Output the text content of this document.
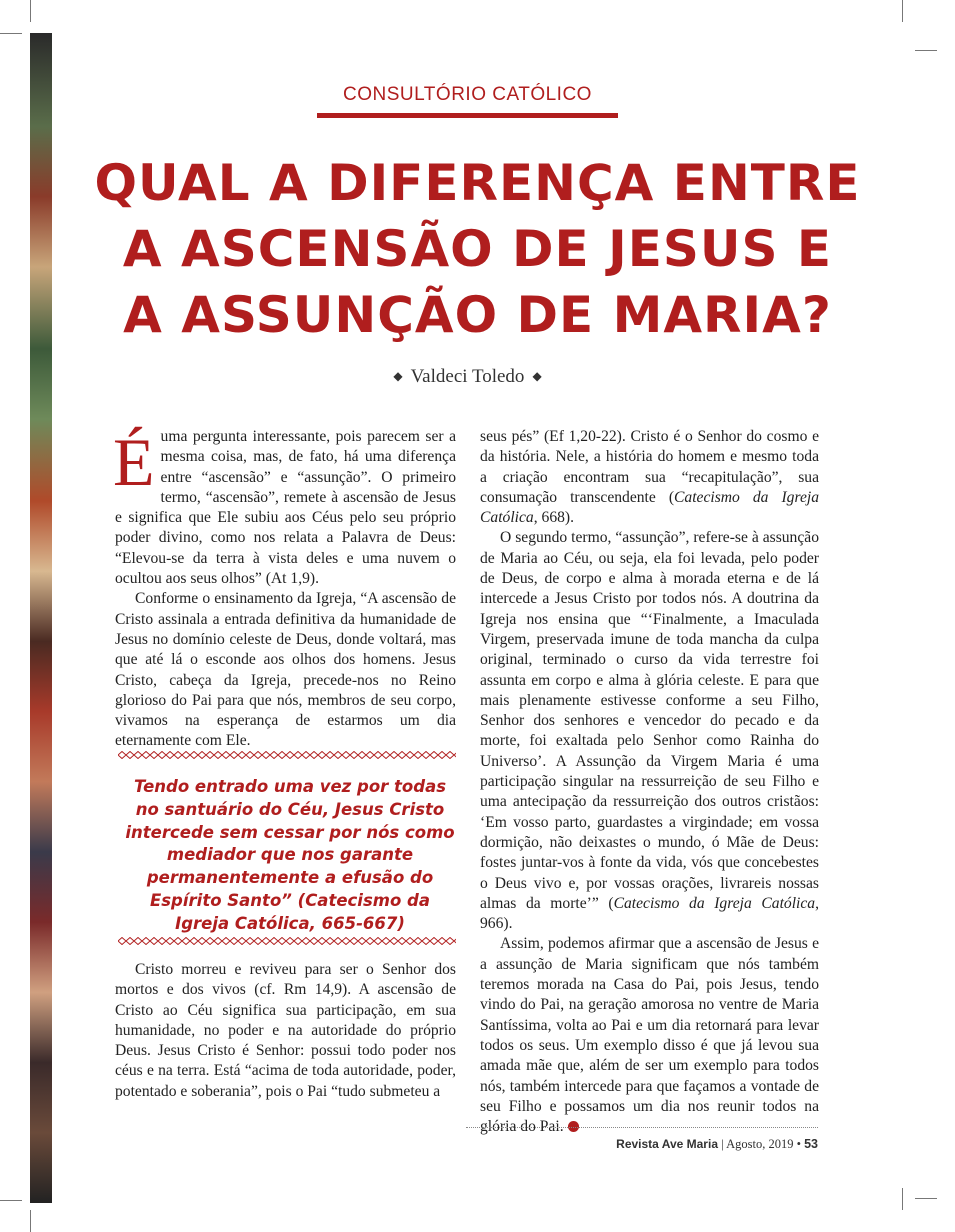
CONSULTÓRIO CATÓLICO
QUAL A DIFERENÇA ENTRE
A ASCENSÃO DE JESUS E
A ASSUNÇÃO DE MARIA?
◆ Valdeci Toledo ◆

Éuma pergunta interessante, pois parecem ser a mesma coisa, mas, de fato, há uma diferença entre “ascensão” e “assunção”. O primeiro termo, “ascensão”, remete à ascensão de Jesus e significa que Ele subiu aos Céus pelo seu próprio poder divino, como nos relata a Palavra de Deus: “Elevou-se da terra à vista deles e uma nuvem o ocultou aos seus olhos” (At 1,9).

Conforme o ensinamento da Igreja, “A ascensão de Cristo assinala a entrada definitiva da humanidade de Jesus no domínio celeste de Deus, donde voltará, mas que até lá o esconde aos olhos dos homens. Jesus Cristo, cabeça da Igreja, precede-nos no Reino glorioso do Pai para que nós, membros de seu corpo, vivamos na esperança de estarmos um dia eternamente com Ele.

Tendo entrado uma vez por todas no santuário do Céu, Jesus Cristo intercede sem cessar por nós como mediador que nos garante permanentemente a efusão do Espírito Santo” (Catecismo da Igreja Católica, 665-667)

Cristo morreu e reviveu para ser o Senhor dos mortos e dos vivos (cf. Rm 14,9). A ascensão de Cristo ao Céu significa sua participação, em sua humanidade, no poder e na autoridade do próprio Deus. Jesus Cristo é Senhor: possui todo poder nos céus e na terra. Está “acima de toda autoridade, poder, potentado e soberania”, pois o Pai “tudo submeteu a

seus pés” (Ef 1,20-22). Cristo é o Senhor do cosmo e da história. Nele, a história do homem e mesmo toda a criação encontram sua “recapitulação”, sua consumação transcendente (Catecismo da Igreja Católica, 668).

O segundo termo, “assunção”, refere-se à assunção de Maria ao Céu, ou seja, ela foi levada, pelo poder de Deus, de corpo e alma à morada eterna e de lá intercede a Jesus Cristo por todos nós. A doutrina da Igreja nos ensina que “‘Finalmente, a Imaculada Virgem, preservada imune de toda mancha da culpa original, terminado o curso da vida terrestre foi assunta em corpo e alma à glória celeste. E para que mais plenamente estivesse conforme a seu Filho, Senhor dos senhores e vencedor do pecado e da morte, foi exaltada pelo Senhor como Rainha do Universo’. A Assunção da Virgem Maria é uma participação singular na ressurreição de seu Filho e uma antecipação da ressurreição dos outros cristãos: ‘Em vosso parto, guardastes a virgindade; em vossa dormição, não deixastes o mundo, ó Mãe de Deus: fostes juntar-vos à fonte da vida, vós que concebestes o Deus vivo e, por vossas orações, livrareis nossas almas da morte’” (Catecismo da Igreja Católica, 966).

Assim, podemos afirmar que a ascensão de Jesus e a assunção de Maria significam que nós também teremos morada na Casa do Pai, pois Jesus, tendo vindo do Pai, na geração amorosa no ventre de Maria Santíssima, volta ao Pai e um dia retornará para levar todos os seus. Um exemplo disso é que já levou sua amada mãe que, além de ser um exemplo para todos nós, também intercede para que façamos a vontade de seu Filho e possamos um dia nos reunir todos na glória do Pai.

Revista Ave Maria | Agosto, 2019 • 53
